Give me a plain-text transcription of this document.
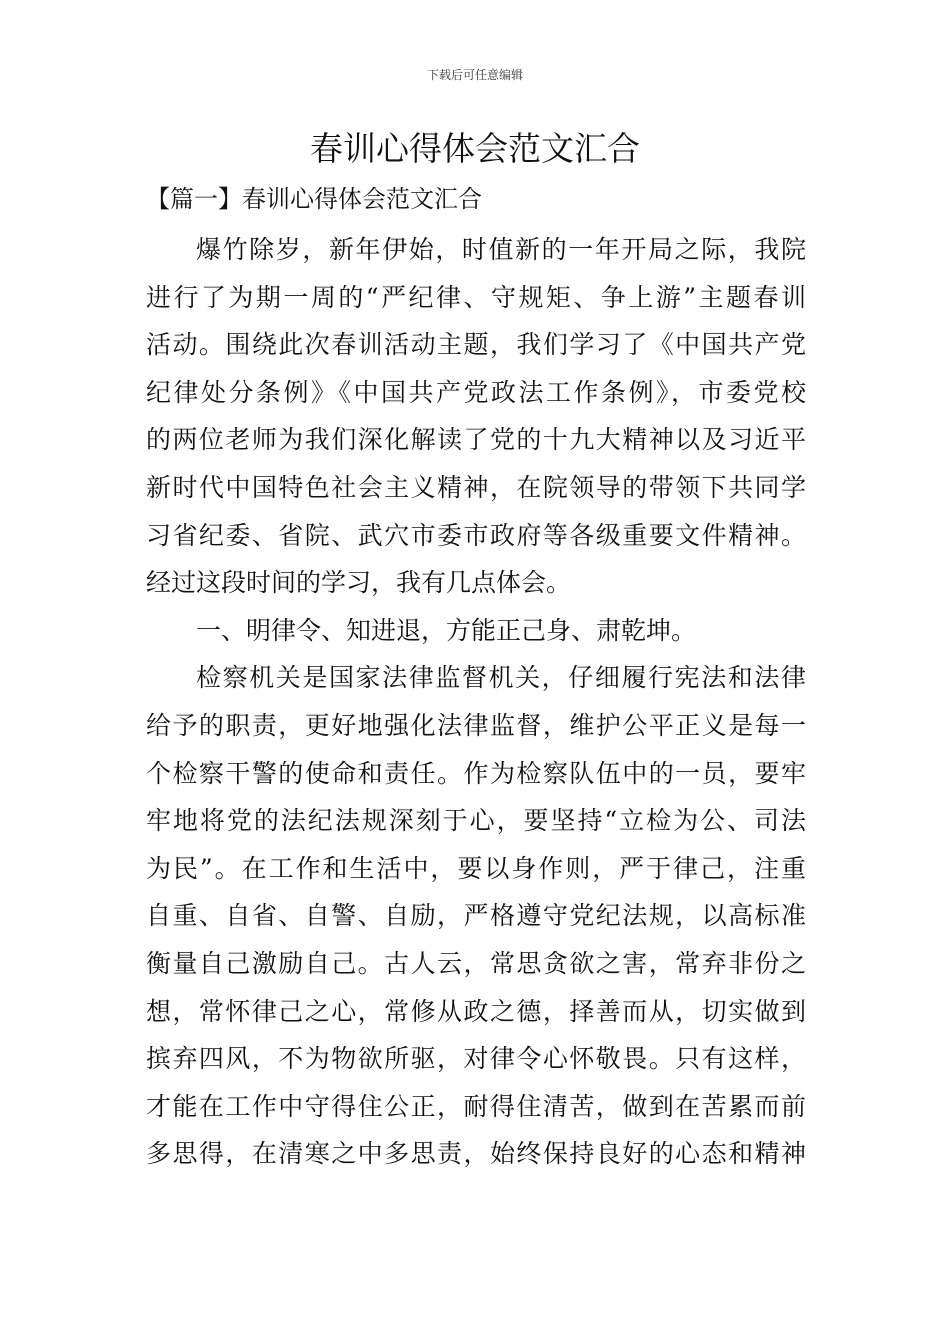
下载后可任意编辑
春训心得体会范文汇合
【篇一】春训心得体会范文汇合
爆竹除岁，新年伊始，时值新的一年开局之际，我院
进行了为期一周的“严纪律、守规矩、争上游”主题春训
活动。围绕此次春训活动主题，我们学习了《中国共产党
纪律处分条例》《中国共产党政法工作条例》，市委党校
的两位老师为我们深化解读了党的十九大精神以及习近平
新时代中国特色社会主义精神，在院领导的带领下共同学
习省纪委、省院、武穴市委市政府等各级重要文件精神。
经过这段时间的学习，我有几点体会。
一、明律令、知进退，方能正己身、肃乾坤。
检察机关是国家法律监督机关，仔细履行宪法和法律
给予的职责，更好地强化法律监督，维护公平正义是每一
个检察干警的使命和责任。作为检察队伍中的一员，要牢
牢地将党的法纪法规深刻于心，要坚持“立检为公、司法
为民”。在工作和生活中，要以身作则，严于律己，注重
自重、自省、自警、自励，严格遵守党纪法规，以高标准
衡量自己激励自己。古人云，常思贪欲之害，常弃非份之
想，常怀律己之心，常修从政之德，择善而从，切实做到
摈弃四风，不为物欲所驱，对律令心怀敬畏。只有这样，
才能在工作中守得住公正，耐得住清苦，做到在苦累而前
多思得，在清寒之中多思责，始终保持良好的心态和精神
